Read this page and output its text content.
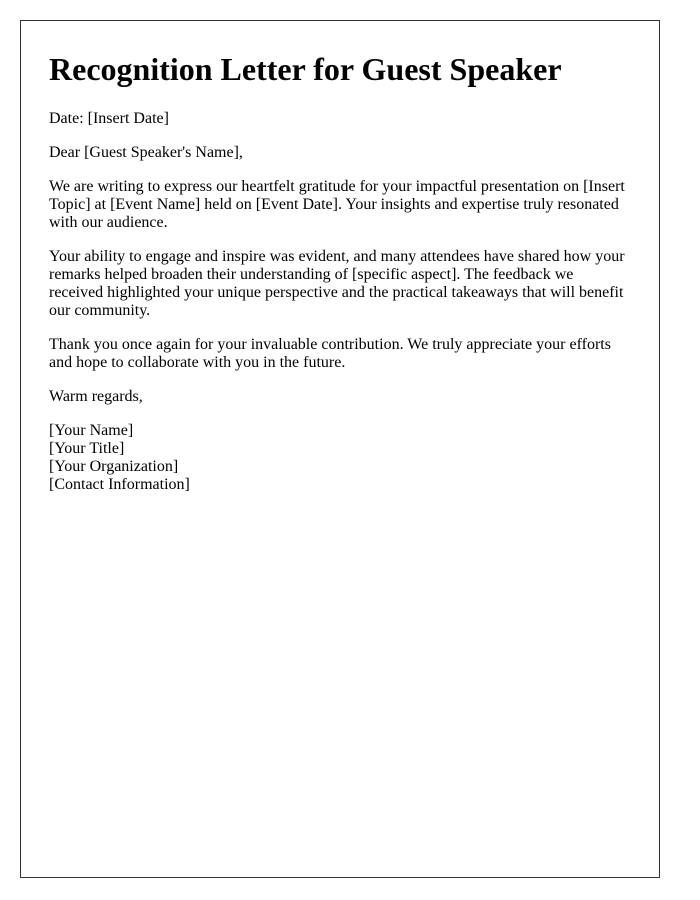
Recognition Letter for Guest Speaker

Date: [Insert Date]

Dear [Guest Speaker's Name],

We are writing to express our heartfelt gratitude for your impactful presentation on [Insert Topic] at [Event Name] held on [Event Date]. Your insights and expertise truly resonated with our audience.

Your ability to engage and inspire was evident, and many attendees have shared how your remarks helped broaden their understanding of [specific aspect]. The feedback we received highlighted your unique perspective and the practical takeaways that will benefit our community.

Thank you once again for your invaluable contribution. We truly appreciate your efforts and hope to collaborate with you in the future.

Warm regards,

[Your Name]

[Your Title]

[Your Organization]

[Contact Information]
